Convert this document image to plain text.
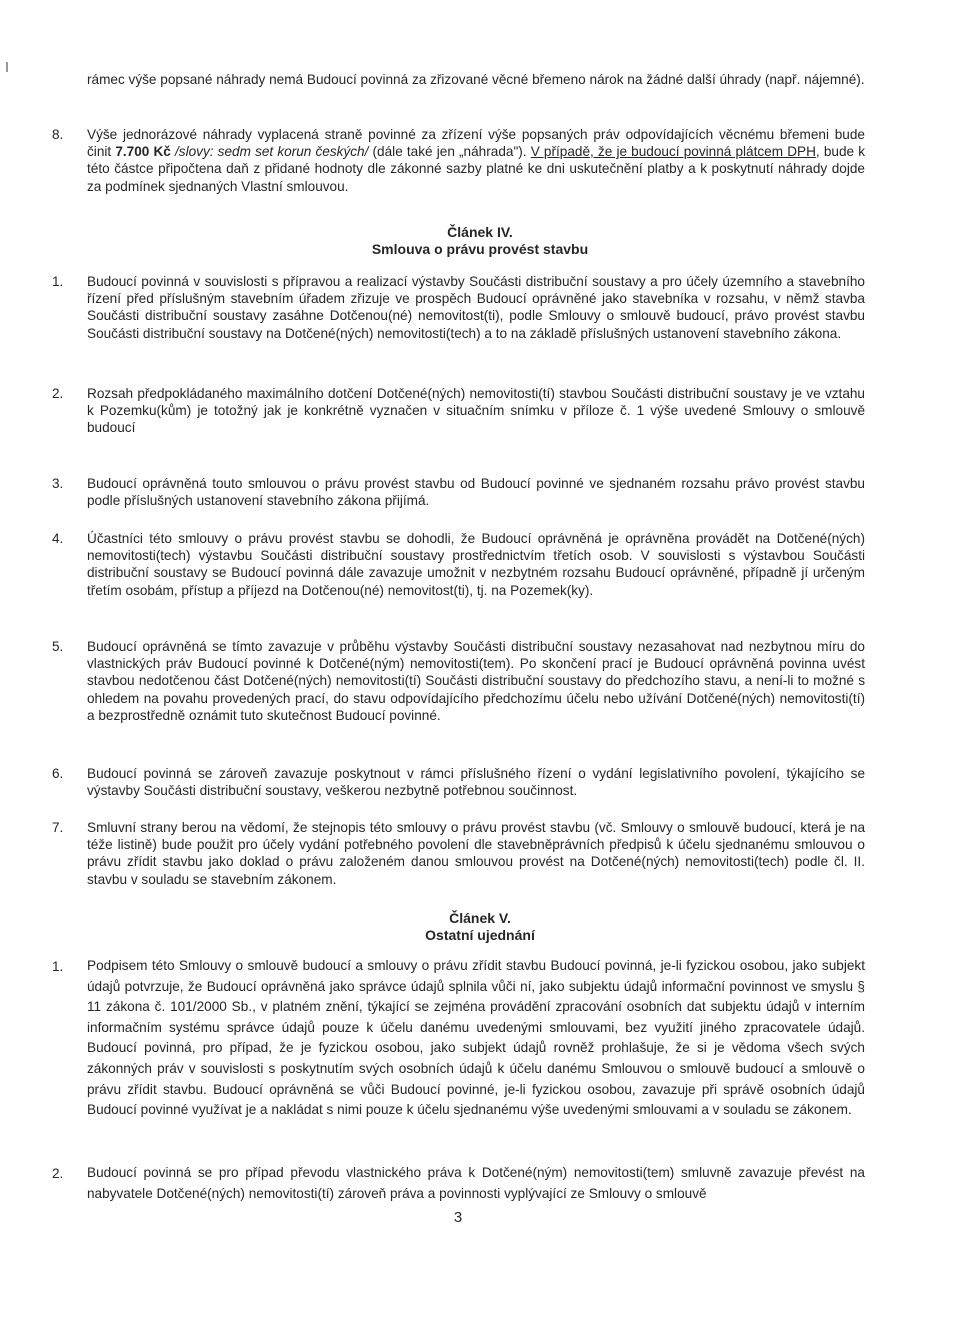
rámec výše popsané náhrady nemá Budoucí povinná za zřizované věcné břemeno nárok na žádné další úhrady (např. nájemné).
8.	Výše jednorázové náhrady vyplacená straně povinné za zřízení výše popsaných práv odpovídajících věcnému břemeni bude činit 7.700 Kč /slovy: sedm set korun českých/ (dále také jen „náhrada"). V případě, že je budoucí povinná plátcem DPH, bude k této částce připočtena daň z přidané hodnoty dle zákonné sazby platné ke dni uskutečnění platby a k poskytnutí náhrady dojde za podmínek sjednaných Vlastní smlouvou.
Článek IV.
Smlouva o právu provést stavbu
1.	Budoucí povinná v souvislosti s přípravou a realizací výstavby Součásti distribuční soustavy a pro účely územního a stavebního řízení před příslušným stavebním úřadem zřizuje ve prospěch Budoucí oprávněné jako stavebníka v rozsahu, v němž stavba Součásti distribuční soustavy zasáhne Dotčenou(né) nemovitost(ti), podle Smlouvy o smlouvě budoucí, právo provést stavbu Součásti distribuční soustavy na Dotčené(ných) nemovitosti(tech) a to na základě příslušných ustanovení stavebního zákona.
2.	Rozsah předpokládaného maximálního dotčení Dotčené(ných) nemovitosti(tí) stavbou Součásti distribuční soustavy je ve vztahu k Pozemku(kům) je totožný jak je konkrétně vyznačen v situačním snímku v příloze č. 1 výše uvedené Smlouvy o smlouvě budoucí
3.	Budoucí oprávněná touto smlouvou o právu provést stavbu od Budoucí povinné ve sjednaném rozsahu právo provést stavbu podle příslušných ustanovení stavebního zákona přijímá.
4.	Účastníci této smlouvy o právu provést stavbu se dohodli, že Budoucí oprávněná je oprávněna provádět na Dotčené(ných) nemovitosti(tech) výstavbu Součásti distribuční soustavy prostřednictvím třetích osob. V souvislosti s výstavbou Součásti distribuční soustavy se Budoucí povinná dále zavazuje umožnit v nezbytném rozsahu Budoucí oprávněné, případně jí určeným třetím osobám, přístup a příjezd na Dotčenou(né) nemovitost(ti), tj. na Pozemek(ky).
5.	Budoucí oprávněná se tímto zavazuje v průběhu výstavby Součásti distribuční soustavy nezasahovat nad nezbytnou míru do vlastnických práv Budoucí povinné k Dotčené(ným) nemovitosti(tem). Po skončení prací je Budoucí oprávněná povinna uvést stavbou nedotčenou část Dotčené(ných) nemovitosti(tí) Součásti distribuční soustavy do předchozího stavu, a není-li to možné s ohledem na povahu provedených prací, do stavu odpovídajícího předchozímu účelu nebo užívání Dotčené(ných) nemovitosti(tí) a bezprostředně oznámit tuto skutečnost Budoucí povinné.
6.	Budoucí povinná se zároveň zavazuje poskytnout v rámci příslušného řízení o vydání legislativního povolení, týkajícího se výstavby Součásti distribuční soustavy, veškerou nezbytně potřebnou součinnost.
7.	Smluvní strany berou na vědomí, že stejnopis této smlouvy o právu provést stavbu (vč. Smlouvy o smlouvě budoucí, která je na téže listině) bude použit pro účely vydání potřebného povolení dle stavebněprávních předpisů k účelu sjednanému smlouvou o právu zřídit stavbu jako doklad o právu založeném danou smlouvou provést na Dotčené(ných) nemovitosti(tech) podle čl. II. stavbu v souladu se stavebním zákonem.
Článek V.
Ostatní ujednání
1.	Podpisem této Smlouvy o smlouvě budoucí a smlouvy o právu zřídit stavbu Budoucí povinná, je-li fyzickou osobou, jako subjekt údajů potvrzuje, že Budoucí oprávněná jako správce údajů splnila vůči ní, jako subjektu údajů informační povinnost ve smyslu § 11 zákona č. 101/2000 Sb., v platném znění, týkající se zejména provádění zpracování osobních dat subjektu údajů v interním informačním systému správce údajů pouze k účelu danému uvedenými smlouvami, bez využití jiného zpracovatele údajů. Budoucí povinná, pro případ, že je fyzickou osobou, jako subjekt údajů rovněž prohlašuje, že si je vědoma všech svých zákonných práv v souvislosti s poskytnutím svých osobních údajů k účelu danému Smlouvou o smlouvě budoucí a smlouvě o právu zřídit stavbu. Budoucí oprávněná se vůči Budoucí povinné, je-li fyzickou osobou, zavazuje při správě osobních údajů Budoucí povinné využívat je a nakládat s nimi pouze k účelu sjednanému výše uvedenými smlouvami a v souladu se zákonem.
2.	Budoucí povinná se pro případ převodu vlastnického práva k Dotčené(ným) nemovitosti(tem) smluvně zavazuje převést na nabyvatele Dotčené(ných) nemovitosti(tí) zároveň práva a povinnosti vyplývající ze Smlouvy o smlouvě
3
